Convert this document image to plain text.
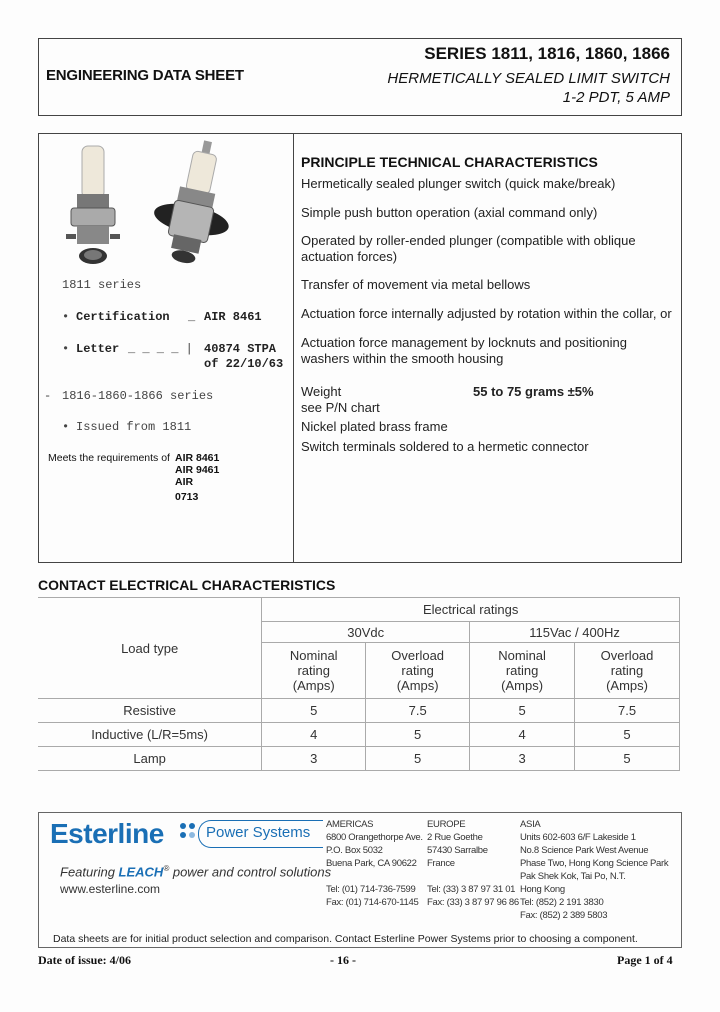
ENGINEERING DATA SHEET
SERIES 1811, 1816, 1860, 1866
HERMETICALLY SEALED LIMIT SWITCH
1-2 PDT, 5 AMP
1811 series
• Certification _ AIR 8461
• Letter _ _ _ _ | 40874 STPA
of 22/10/63
- 1816-1860-1866 series
• Issued from 1811
Meets the requirements of AIR 8461
AIR 9461
AIR
0713
PRINCIPLE TECHNICAL CHARACTERISTICS
Hermetically sealed plunger switch (quick make/break)
Simple push button operation (axial command only)
Operated by roller-ended plunger (compatible with oblique actuation forces)
Transfer of movement via metal bellows
Actuation force internally adjusted by rotation within the collar, or
Actuation force management by locknuts and positioning washers within the smooth housing
Weight	55 to 75 grams ±5%
see P/N chart
Nickel plated brass frame
Switch terminals soldered to a hermetic connector
CONTACT ELECTRICAL CHARACTERISTICS
Load type	Electrical ratings			
	30Vdc		115Vac / 400Hz	
	Nominal
rating
(Amps)	Overload
rating
(Amps)	Nominal
rating
(Amps)	Overload
rating
(Amps)
Resistive	5	7.5	5	7.5
Inductive (L/R=5ms)	4	5	4	5
Lamp	3	5	3	5
Esterline	Power Systems
Featuring LEACH® power and control solutions
www.esterline.com
AMERICAS
6800 Orangethorpe Ave.
P.O. Box 5032
Buena Park, CA 90622
Tel: (01) 714-736-7599
Fax: (01) 714-670-1145
EUROPE
2 Rue Goethe
57430 Sarralbe
France
Tel: (33) 3 87 97 31 01
Fax: (33) 3 87 97 96 86
ASIA
Units 602-603 6/F Lakeside 1
No.8 Science Park West Avenue
Phase Two, Hong Kong Science Park
Pak Shek Kok, Tai Po, N.T.
Hong Kong
Tel: (852) 2 191 3830
Fax: (852) 2 389 5803
Data sheets are for initial product selection and comparison. Contact Esterline Power Systems prior to choosing a component.
Date of issue: 4/06	- 16 -	Page 1 of 4
